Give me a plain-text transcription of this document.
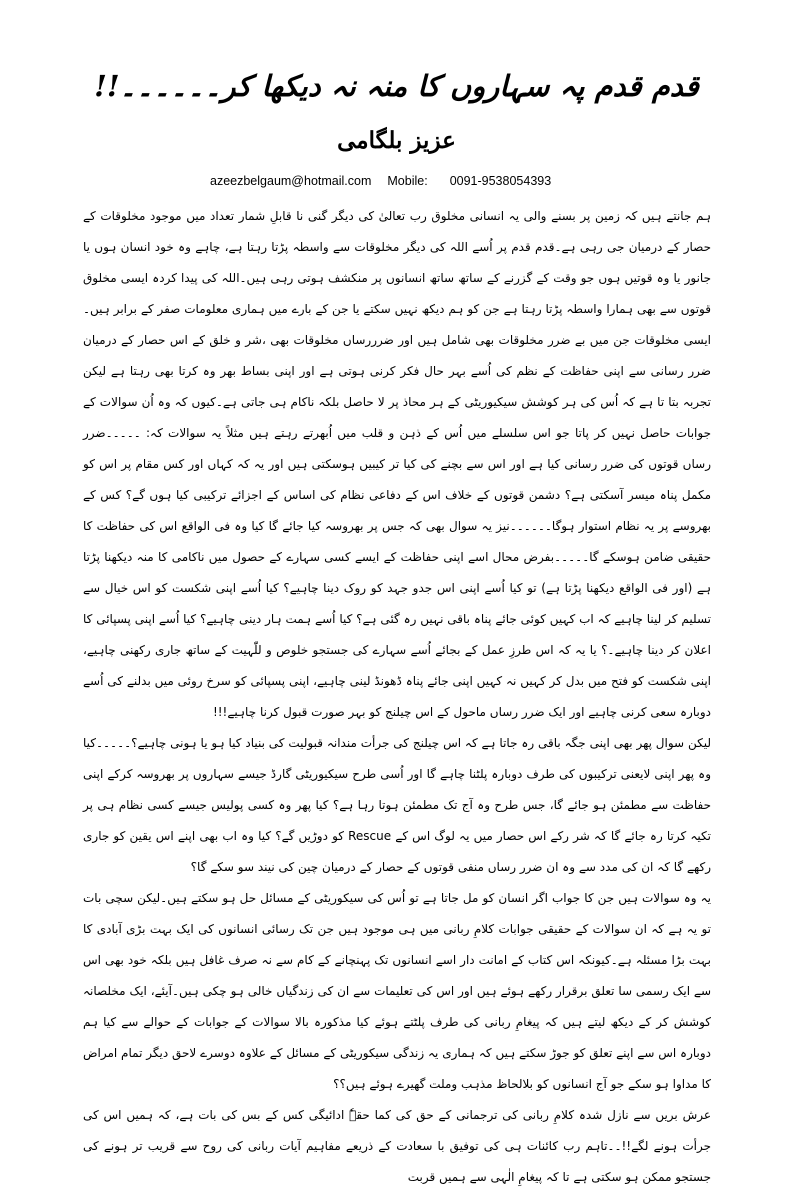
قدم قدم پہ سہاروں کا منہ نہ دیکھا کر۔۔۔۔۔۔!!
عزیز بلگامی
azeezbelgaum@hotmail.com Mobile: 0091-9538054393

ہم جانتے ہیں کہ زمین پر بسنے والی یہ انسانی مخلوق رب تعالیٰ کی دیگر گنی نا قابلِ شمار تعداد میں موجود مخلوقات کے حصار کے درمیان جی رہی ہے۔قدم قدم پر اُسے اللہ کی دیگر مخلوقات سے واسطہ پڑتا رہتا ہے، چاہے وہ خود انسان ہوں یا جانور یا وہ قوتیں ہوں جو وقت کے گزرنے کے ساتھ ساتھ انسانوں پر منکشف ہوتی رہی ہیں۔اللہ کی پیدا کردہ ایسی مخلوق قوتوں سے بھی ہمارا واسطہ پڑتا رہتا ہے جن کو ہم دیکھ نہیں سکتے یا جن کے بارے میں ہماری معلومات صفر کے برابر ہیں۔ایسی مخلوقات جن میں بے ضرر مخلوقات بھی شامل ہیں اور ضرررساں مخلوقات بھی ،شر و خلق کے اس حصار کے درمیان ضرر رسانی سے اپنی حفاظت کے نظم کی اُسے بہر حال فکر کرنی ہوتی ہے اور اپنی بساط بھر وہ کرتا بھی رہتا ہے لیکن تجربہ بتا تا ہے کہ اُس کی ہر کوشش سیکیوریٹی کے ہر محاذ پر لا حاصل بلکہ ناکام ہی جاتی ہے۔کیوں کہ وہ اُن سوالات کے جوابات حاصل نہیں کر پاتا جو اس سلسلے میں اُس کے ذہن و قلب میں اُبھرتے رہتے ہیں مثلاً یہ سوالات کہ: ۔۔۔۔۔ضرر رساں قوتوں کی ضرر رسانی کیا ہے اور اس سے بچنے کی کیا تر کیبیں ہوسکتی ہیں اور یہ کہ کہاں اور کس مقام پر اس کو مکمل پناہ میسر آسکتی ہے؟ دشمن قوتوں کے خلاف اس کے دفاعی نظام کی اساس کے اجزائے ترکیبی کیا ہوں گے؟ کس کے بھروسے پر یہ نظام استوار ہوگا۔۔۔۔۔۔نیز یہ سوال بھی کہ جس پر بھروسہ کیا جائے گا کیا وہ فی الواقع اس کی حفاظت کا حقیقی ضامن ہوسکے گا۔۔۔۔۔بفرض محال اسے اپنی حفاظت کے ایسے کسی سہارے کے حصول میں ناکامی کا منہ دیکھنا پڑتا ہے (اور فی الواقع دیکھنا پڑتا ہے) تو کیا اُسے اپنی اس جدو جہد کو روک دینا چاہیے؟ کیا اُسے اپنی شکست کو اس خیال سے تسلیم کر لینا چاہیے کہ اب کہیں کوئی جائے پناہ باقی نہیں رہ گئی ہے؟ کیا اُسے ہمت ہار دینی چاہیے؟ کیا اُسے اپنی پسپائی کا اعلان کر دینا چاہیے۔؟ یا یہ کہ اس طرزِ عمل کے بجائے اُسے سہارے کی جستجو خلوص و للّٰہیت کے ساتھ جاری رکھنی چاہیے، اپنی شکست کو فتح میں بدل کر کہیں نہ کہیں اپنی جائے پناہ ڈھونڈ لینی چاہیے، اپنی پسپائی کو سرخ روئی میں بدلنے کی اُسے دوبارہ سعی کرنی چاہیے اور ایک ضرر رساں ماحول کے اس چیلنج کو بہر صورت قبول کرنا چاہیے!!!

لیکن سوال پھر بھی اپنی جگہ باقی رہ جاتا ہے کہ اس چیلنج کی جرأت مندانہ قبولیت کی بنیاد کیا ہو یا ہونی چاہیے؟۔۔۔۔۔کیا وہ پھر اپنی لایعنی ترکیبوں کی طرف دوبارہ پلٹنا چاہے گا اور اُسی طرح سیکیوریٹی گارڈ جیسے سہاروں پر بھروسہ کرکے اپنی حفاظت سے مطمئن ہو جائے گا، جس طرح وہ آج تک مطمئن ہوتا رہا ہے؟ کیا پھر وہ کسی پولیس جیسے کسی نظام ہی پر تکیہ کرتا رہ جائے گا کہ شر رکے اس حصار میں یہ لوگ اس کے Rescue کو دوڑیں گے؟ کیا وہ اب بھی اپنے اس یقین کو جاری رکھے گا کہ ان کی مدد سے وہ ان ضرر رساں منفی قوتوں کے حصار کے درمیان چین کی نیند سو سکے گا؟

یہ وہ سوالات ہیں جن کا جواب اگر انسان کو مل جاتا ہے تو اُس کی سیکوریٹی کے مسائل حل ہو سکتے ہیں۔لیکن سچی بات تو یہ ہے کہ ان سوالات کے حقیقی جوابات کلامِ ربانی میں ہی موجود ہیں جن تک رسائی انسانوں کی ایک بہت بڑی آبادی کا بہت بڑا مسئلہ ہے۔کیونکہ اس کتاب کے امانت دار اسے انسانوں تک پہنچانے کے کام سے نہ صرف غافل ہیں بلکہ خود بھی اس سے ایک رسمی سا تعلق برقرار رکھے ہوئے ہیں اور اس کی تعلیمات سے ان کی زندگیاں خالی ہو چکی ہیں۔آیئے، ایک مخلصانہ کوشش کر کے دیکھ لیتے ہیں کہ پیغامِ ربانی کی طرف پلٹتے ہوئے کیا مذکورہ بالا سوالات کے جوابات کے حوالے سے کیا ہم دوبارہ اس سے اپنے تعلق کو جوڑ سکتے ہیں کہ ہماری یہ زندگی سیکوریٹی کے مسائل کے علاوہ دوسرے لاحق دیگر تمام امراض کا مداوا ہو سکے جو آج انسانوں کو بلالحاظ مذہب وملت گھیرے ہوئے ہیں؟؟

عرش بریں سے نازل شدہ کلامِ ربانی کی ترجمانی کے حق کی کما حقہٗ ادائیگی کس کے بس کی بات ہے، کہ ہمیں اس کی جرأت ہونے لگے!!۔۔تاہم رب کائنات ہی کی توفیق با سعادت کے ذریعے مفاہیم آیات ربانی کی روح سے قریب تر ہونے کی جستجو ممکن ہو سکتی ہے تا کہ پیغامِ الٰہی سے ہمیں قربت
